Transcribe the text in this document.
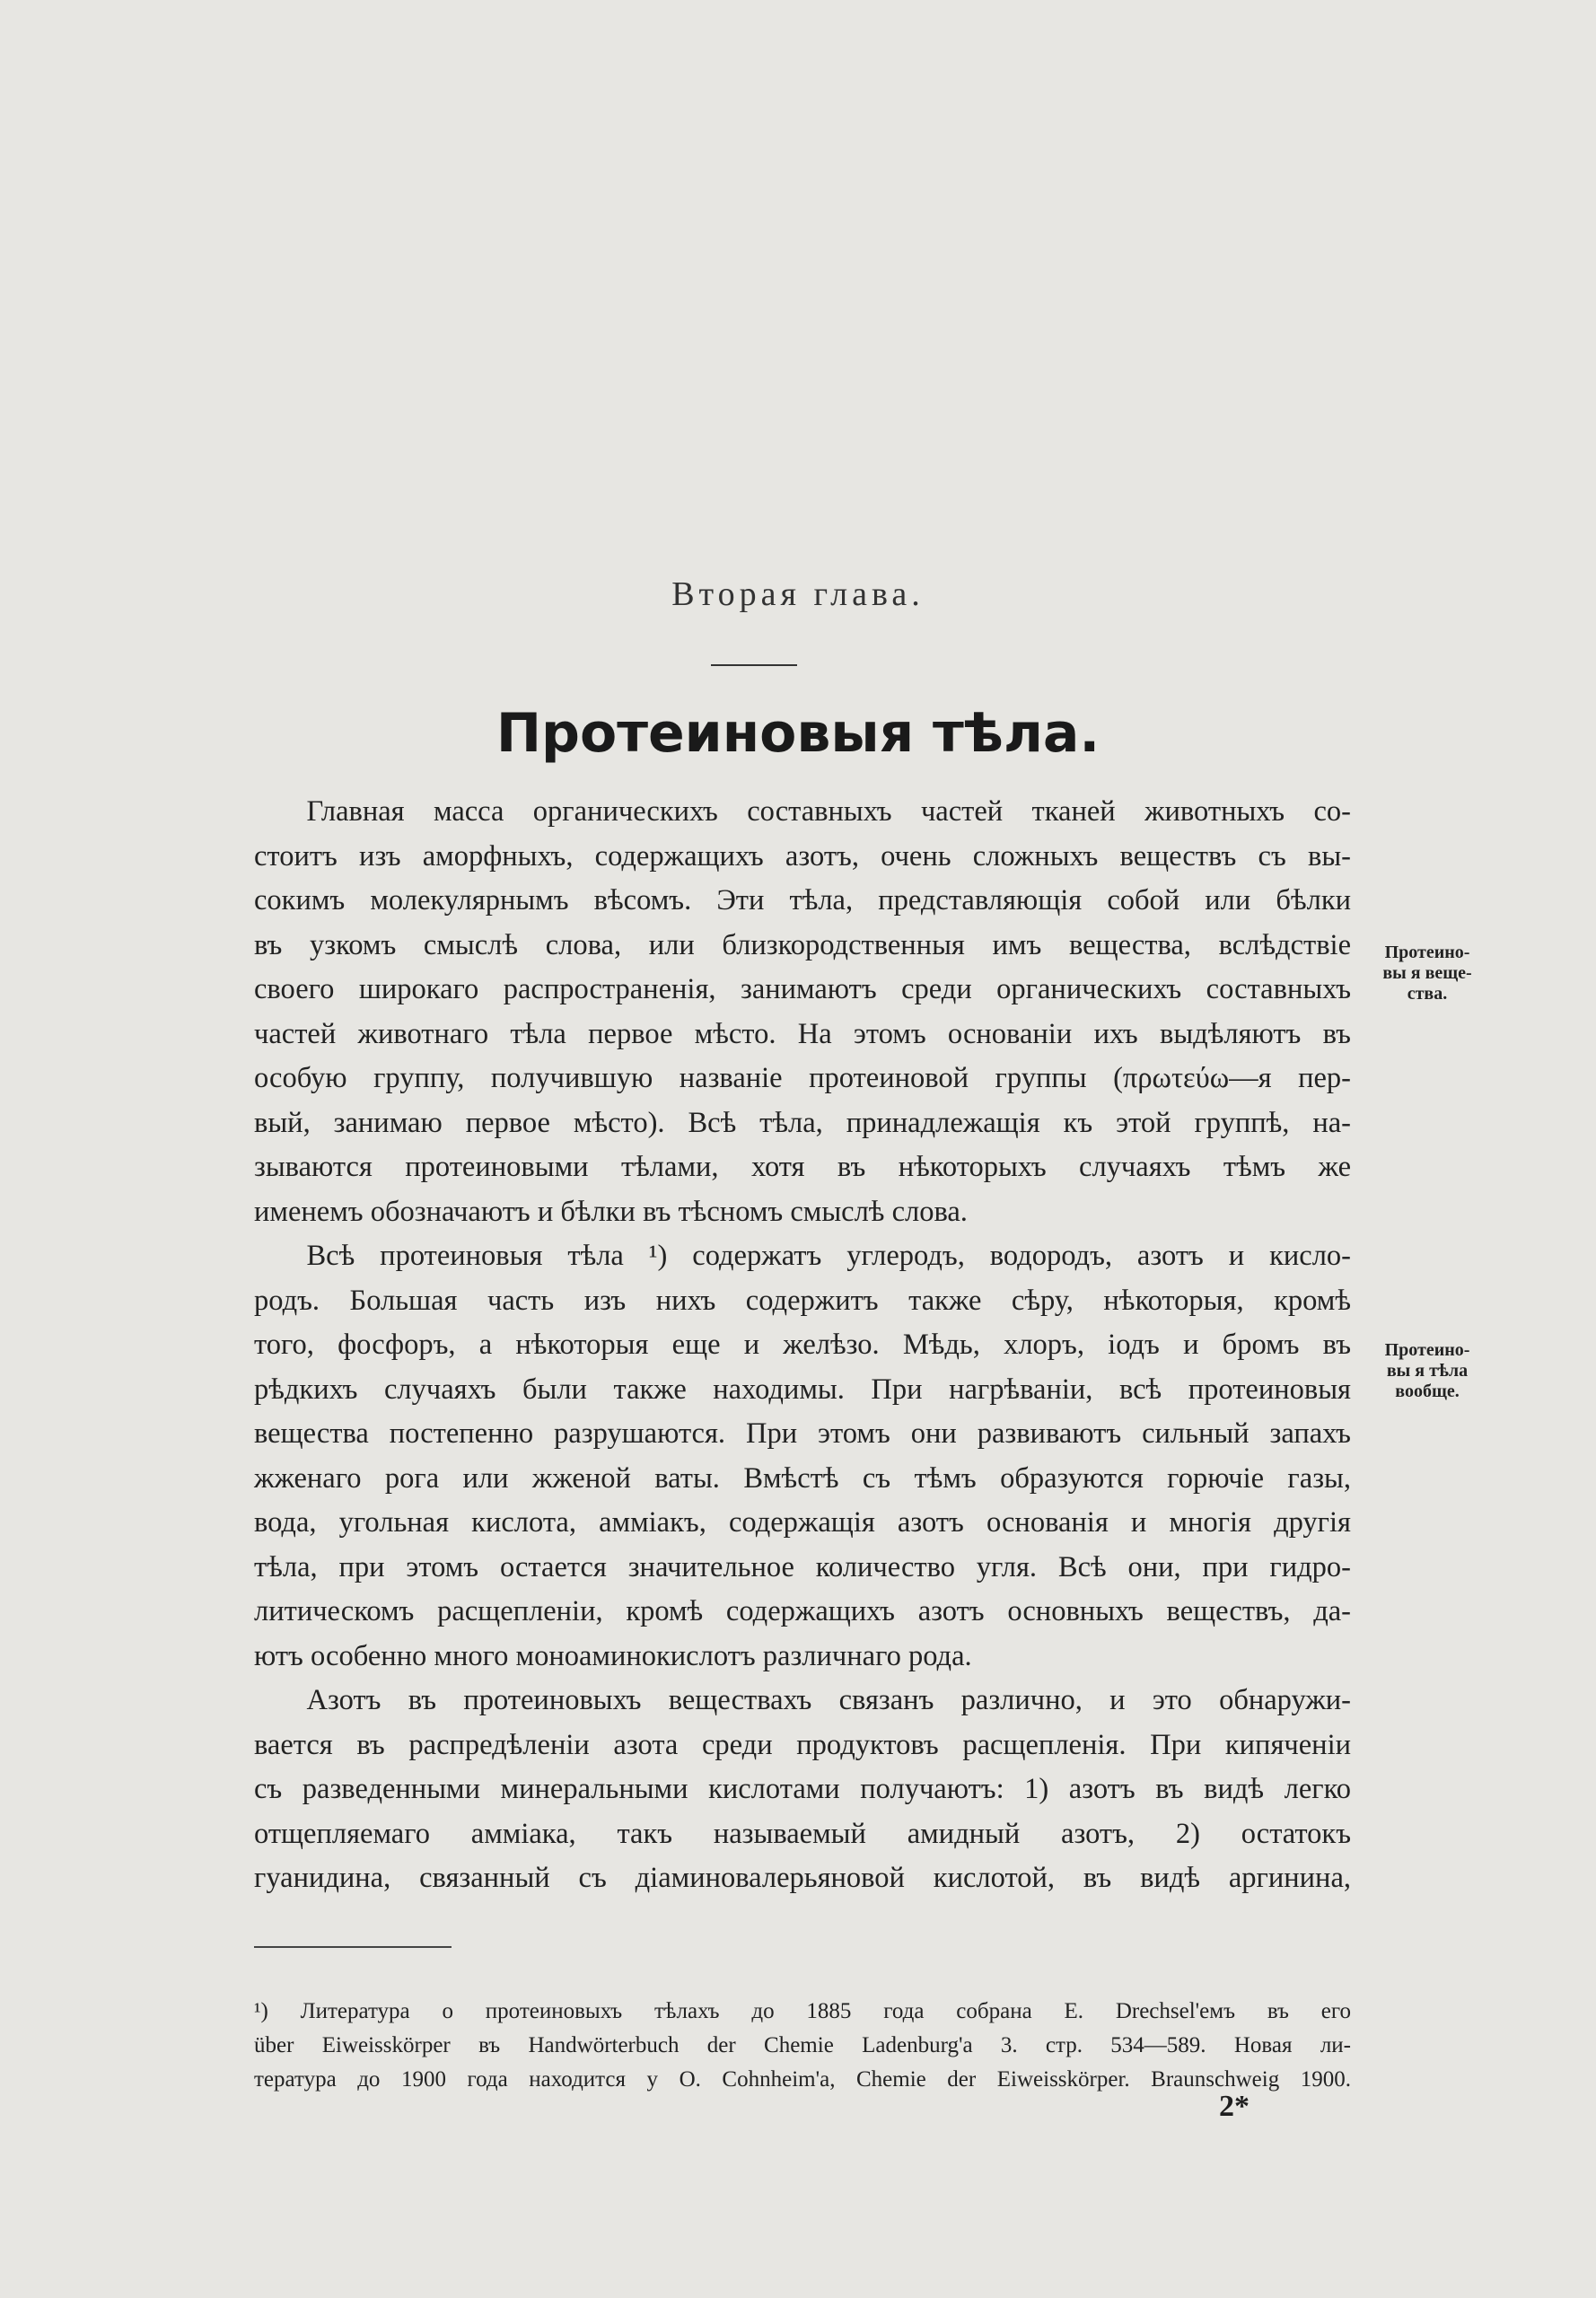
Вторая глава.
Протеиновыя тѣла.
Главная масса органическихъ составныхъ частей тканей животныхъ со-
стоитъ изъ аморфныхъ, содержащихъ азотъ, очень сложныхъ веществъ съ вы-
сокимъ молекулярнымъ вѣсомъ. Эти тѣла, представляющія собой или бѣлки
въ узкомъ смыслѣ слова, или близкородственныя имъ вещества, вслѣдствіе
своего широкаго распространенія, занимаютъ среди органическихъ составныхъ
частей животнаго тѣла первое мѣсто. На этомъ основаніи ихъ выдѣляютъ въ
особую группу, получившую названіе протеиновой группы (πρωτεύω—я пер-
вый, занимаю первое мѣсто). Всѣ тѣла, принадлежащія къ этой группѣ, на-
зываются протеиновыми тѣлами, хотя въ нѣкоторыхъ случаяхъ тѣмъ же
именемъ обозначаютъ и бѣлки въ тѣсномъ смыслѣ слова.
Всѣ протеиновыя тѣла ¹) содержатъ углеродъ, водородъ, азотъ и кисло-
родъ. Большая часть изъ нихъ содержитъ также сѣру, нѣкоторыя, кромѣ
того, фосфоръ, а нѣкоторыя еще и желѣзо. Мѣдь, хлоръ, іодъ и бромъ въ
рѣдкихъ случаяхъ были также находимы. При нагрѣваніи, всѣ протеиновыя
вещества постепенно разрушаются. При этомъ они развиваютъ сильный запахъ
жженаго рога или жженой ваты. Вмѣстѣ съ тѣмъ образуются горючіе газы,
вода, угольная кислота, аммiакъ, содержащія азотъ основанія и многія другія
тѣла, при этомъ остается значительное количество угля. Всѣ они, при гидро-
литическомъ расщепленіи, кромѣ содержащихъ азотъ основныхъ веществъ, да-
ютъ особенно много моноаминокислотъ различнаго рода.
Азотъ въ протеиновыхъ веществахъ связанъ различно, и это обнаружи-
вается въ распредѣленіи азота среди продуктовъ расщепленія. При кипяченіи
съ разведенными минеральными кислотами получаютъ: 1) азотъ въ видѣ легко
отщепляемаго аммiака, такъ называемый амидный азотъ, 2) остатокъ
гуанидина, связанный съ діаминовалерьяновой кислотой, въ видѣ аргинина,
Протеино-вы я веще-ства.
Протеино-вы я тѣла вообще.
¹) Литература о протеиновыхъ тѣлахъ до 1885 года собрана E. Drechsel'емъ въ его
über Eiweisskörper въ Handwörterbuch der Chemie Ladenburg'a 3. стр. 534—589. Новая ли-
тература до 1900 года находится у O. Cohnheim'a, Chemie der Eiweisskörper. Braunschweig 1900.
2*
